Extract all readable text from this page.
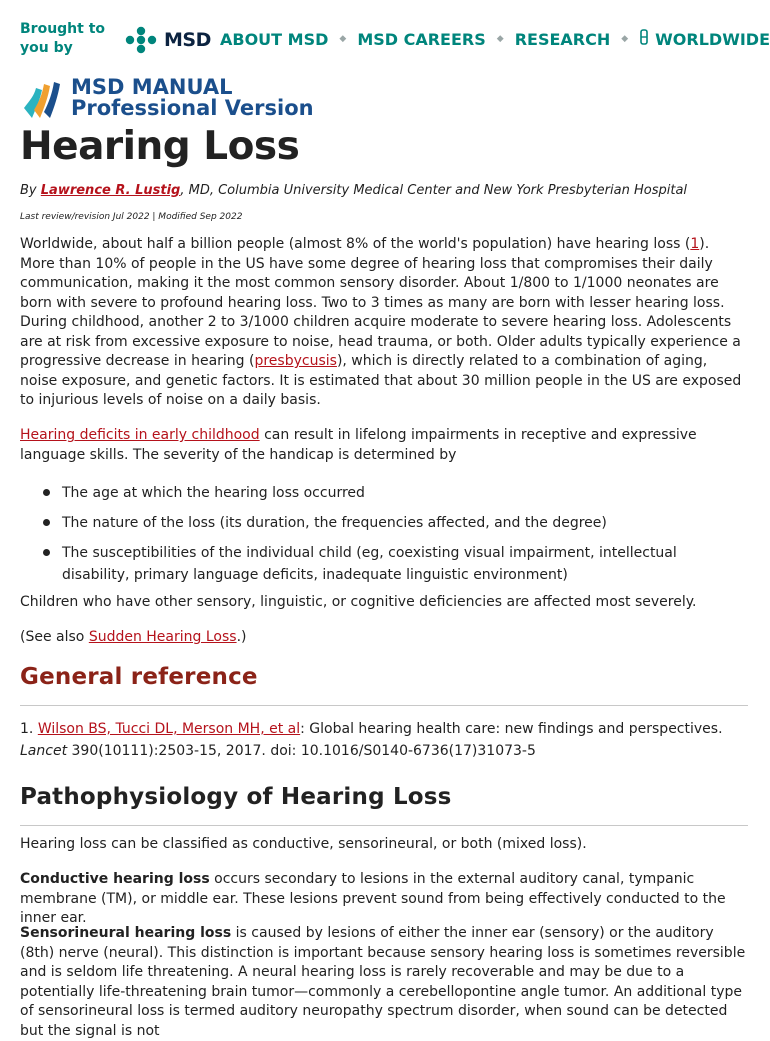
Brought to you by	MSD ABOUT MSD ◆ MSD CAREERS ◆ RESEARCH ◆ WORLDWIDE
MSD MANUAL
Professional Version
Hearing Loss
By Lawrence R. Lustig, MD, Columbia University Medical Center and New York Presbyterian Hospital
Last review/revision Jul 2022 | Modified Sep 2022
Worldwide, about half a billion people (almost 8% of the world's population) have hearing loss (1). More than 10% of people in the US have some degree of hearing loss that compromises their daily communication, making it the most common sensory disorder. About 1/800 to 1/1000 neonates are born with severe to profound hearing loss. Two to 3 times as many are born with lesser hearing loss. During childhood, another 2 to 3/1000 children acquire moderate to severe hearing loss. Adolescents are at risk from excessive exposure to noise, head trauma, or both. Older adults typically experience a progressive decrease in hearing (presbycusis), which is directly related to a combination of aging, noise exposure, and genetic factors. It is estimated that about 30 million people in the US are exposed to injurious levels of noise on a daily basis.
Hearing deficits in early childhood can result in lifelong impairments in receptive and expressive language skills. The severity of the handicap is determined by
The age at which the hearing loss occurred
The nature of the loss (its duration, the frequencies affected, and the degree)
The susceptibilities of the individual child (eg, coexisting visual impairment, intellectual disability, primary language deficits, inadequate linguistic environment)
Children who have other sensory, linguistic, or cognitive deficiencies are affected most severely.
(See also Sudden Hearing Loss.)
General reference
1. Wilson BS, Tucci DL, Merson MH, et al: Global hearing health care: new findings and perspectives. Lancet 390(10111):2503-15, 2017. doi: 10.1016/S0140-6736(17)31073-5
Pathophysiology of Hearing Loss
Hearing loss can be classified as conductive, sensorineural, or both (mixed loss).
Conductive hearing loss occurs secondary to lesions in the external auditory canal, tympanic membrane (TM), or middle ear. These lesions prevent sound from being effectively conducted to the inner ear.
Sensorineural hearing loss is caused by lesions of either the inner ear (sensory) or the auditory (8th) nerve (neural). This distinction is important because sensory hearing loss is sometimes reversible and is seldom life threatening. A neural hearing loss is rarely recoverable and may be due to a potentially life-threatening brain tumor—commonly a cerebellopontine angle tumor. An additional type of sensorineural loss is termed auditory neuropathy spectrum disorder, when sound can be detected but the signal is not
